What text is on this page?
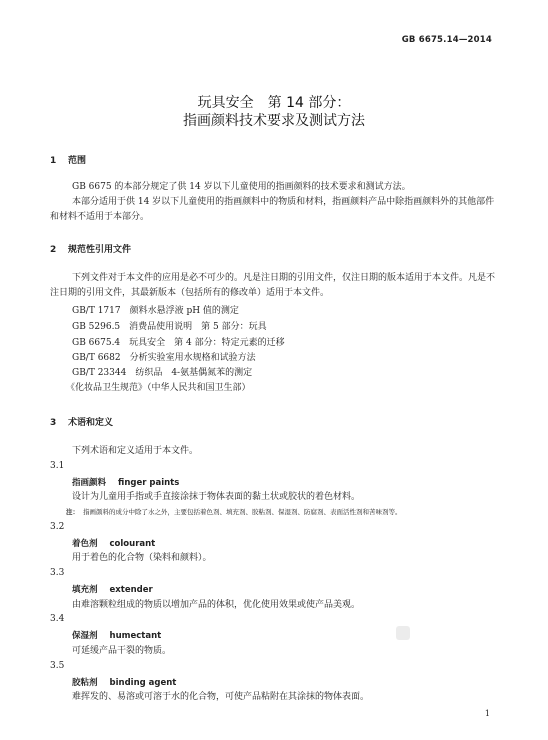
GB 6675.14—2014
玩具安全　第 14 部分：
指画颜料技术要求及测试方法
1 范围
GB 6675 的本部分规定了供 14 岁以下儿童使用的指画颜料的技术要求和测试方法。
本部分适用于供 14 岁以下儿童使用的指画颜料中的物质和材料，指画颜料产品中除指画颜料外的其他部件和材料不适用于本部分。
2 规范性引用文件
下列文件对于本文件的应用是必不可少的。凡是注日期的引用文件，仅注日期的版本适用于本文件。凡是不注日期的引用文件，其最新版本（包括所有的修改单）适用于本文件。
GB/T 1717　颜料水悬浮液 pH 值的测定
GB 5296.5　消费品使用说明　第 5 部分：玩具
GB 6675.4　玩具安全　第 4 部分：特定元素的迁移
GB/T 6682　分析实验室用水规格和试验方法
GB/T 23344　纺织品　4-氨基偶氮苯的测定
《化妆品卫生规范》（中华人民共和国卫生部）
3 术语和定义
下列术语和定义适用于本文件。
3.1
指画颜料 finger paints
设计为儿童用手指或手直接涂抹于物体表面的黏土状或胶状的着色材料。
注： 指画颜料的成分中除了水之外，主要包括着色剂、填充剂、胶粘剂、保湿剂、防腐剂、表面活性剂和苦味剂等。
3.2
着色剂 colourant
用于着色的化合物（染料和颜料）。
3.3
填充剂 extender
由难溶颗粒组成的物质以增加产品的体积，优化使用效果或使产品美观。
3.4
保湿剂 humectant
可延缓产品干裂的物质。
3.5
胶粘剂 binding agent
难挥发的、易溶或可溶于水的化合物，可使产品粘附在其涂抹的物体表面。
1
